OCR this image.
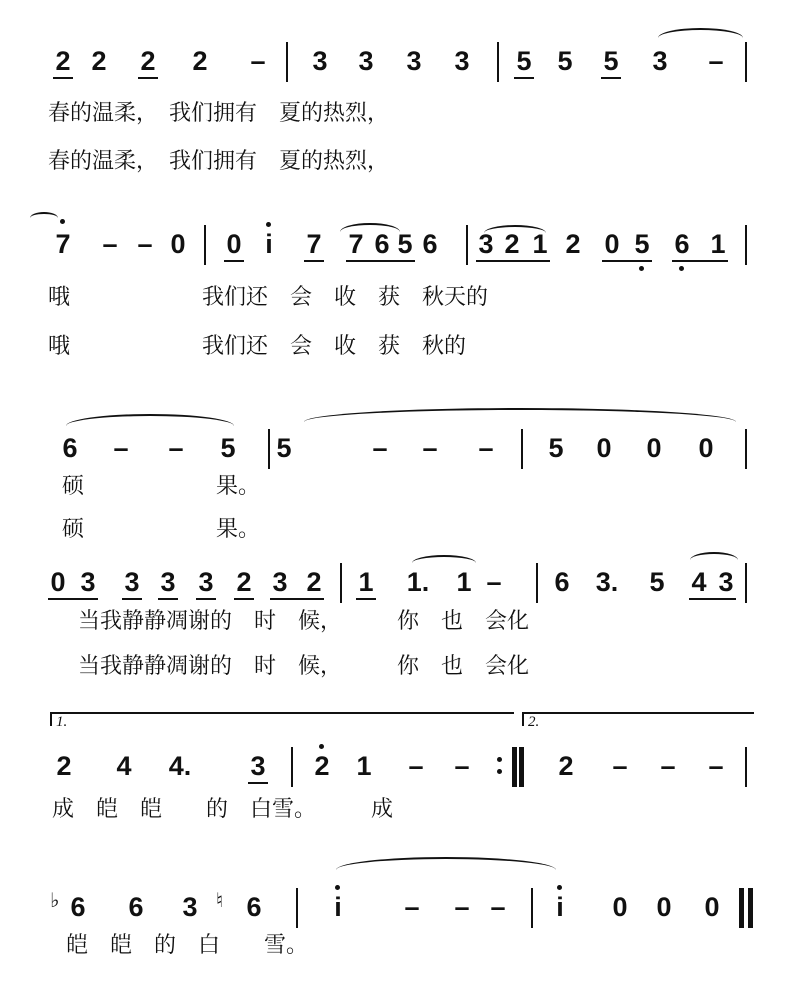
2 2 2 2 – 3 3 3 3 5 5 5 3 –
春的温柔，　我们拥有　夏的热烈，
春的温柔，　我们拥有　夏的热烈，
7 – – 0 0 i 7 7 6 5 6 3 2 1 2 0 5 6 1
哦　　　　　　我们还　会　收　获　秋天的
哦　　　　　　我们还　会　收　获　秋的
6 – – 5 5	– – – 5 0 0 0
硕　　　　　　果。
硕　　　　　　果。
0 3 3 3 3 2 3 2 1 1. 1 – 6 3. 5 4 3
当我静静凋谢的　时　候，　　　你　也　会化
当我静静凋谢的　时　候，　　　你　也　会化
2 4 4. 3 2 1 – –	2 – – –
1.	2.
成　皑　皑　　的　白雪。　　　成
6 6 3 6	i – – – i 0 0 0
♭	♮
皑　皑　的　白　　雪。
